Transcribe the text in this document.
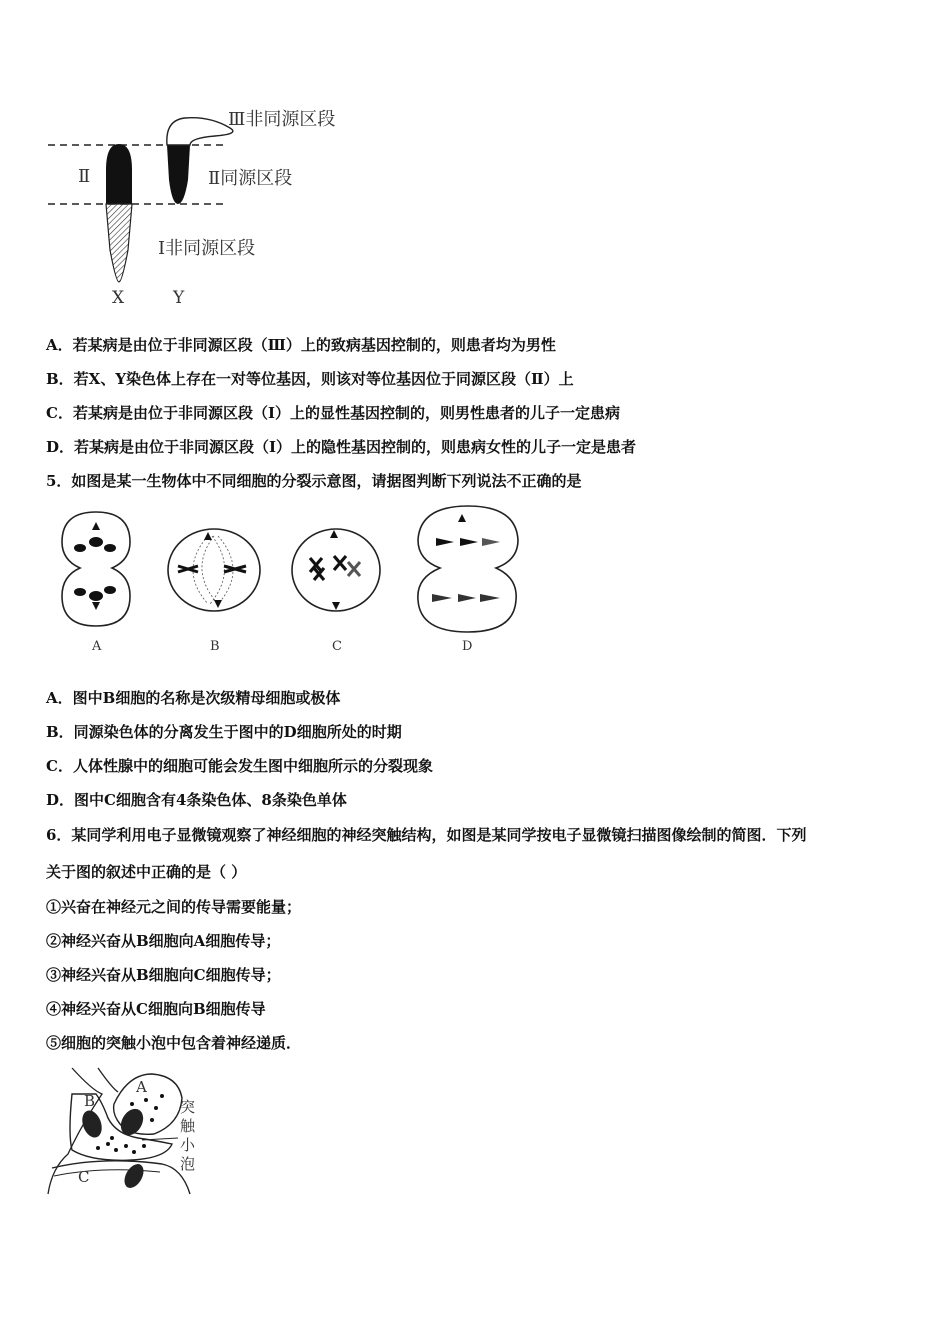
Ⅲ非同源区段
Ⅱ	Ⅱ同源区段
Ⅰ非同源区段
X	Y
A．若某病是由位于非同源区段（Ⅲ）上的致病基因控制的，则患者均为男性
B．若X、Y染色体上存在一对等位基因，则该对等位基因位于同源区段（Ⅱ）上
C．若某病是由位于非同源区段（Ⅰ）上的显性基因控制的，则男性患者的儿子一定患病
D．若某病是由位于非同源区段（Ⅰ）上的隐性基因控制的，则患病女性的儿子一定是患者
5．如图是某一生物体中不同细胞的分裂示意图，请据图判断下列说法不正确的是
A	B	C	D
A．图中B细胞的名称是次级精母细胞或极体
B．同源染色体的分离发生于图中的D细胞所处的时期
C．人体性腺中的细胞可能会发生图中细胞所示的分裂现象
D．图中C细胞含有4条染色体、8条染色单体
6．某同学利用电子显微镜观察了神经细胞的神经突触结构，如图是某同学按电子显微镜扫描图像绘制的简图．下列
关于图的叙述中正确的是（ ）
①兴奋在神经元之间的传导需要能量；
②神经兴奋从B细胞向A细胞传导；
③神经兴奋从B细胞向C细胞传导；
④神经兴奋从C细胞向B细胞传导
⑤细胞的突触小泡中包含着神经递质．
A
B
C
突
触
小
泡
